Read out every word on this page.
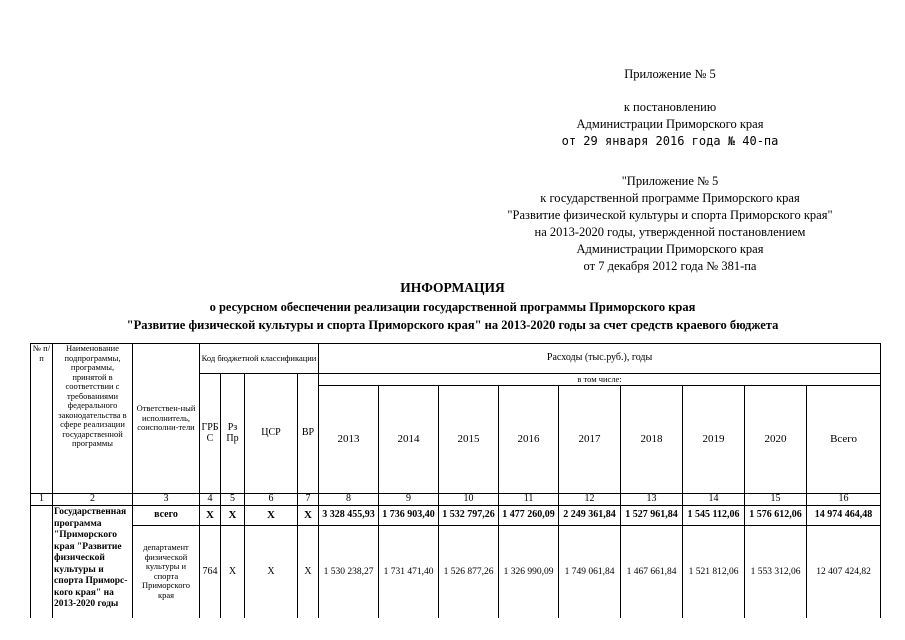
Приложение № 5
к постановлению
Администрации Приморского края
от 29 января 2016 года № 40-па
"Приложение № 5
к государственной программе Приморского края
"Развитие физической культуры и спорта Приморского края"
на 2013-2020 годы, утвержденной постановлением
Администрации Приморского края
от 7 декабря 2012 года № 381-па
ИНФОРМАЦИЯ
о ресурсном обеспечении реализации государственной программы Приморского края
"Развитие физической культуры и спорта Приморского края" на 2013-2020 годы за счет средств краевого бюджета
№ п/п	Наименование подпрограммы, программы, принятой в соответствии с требованиями федерального законодательства в сфере реализации государственной программы	Ответствен-ный исполнитель, соисполни-тели	Код бюджетной классификации				Расходы (тыс.руб.), годы								
			ГРБ С	Рз Пр	ЦСР	ВР	в том числе:								
							2013	2014	2015	2016	2017	2018	2019	2020	Всего
1	2	3	4	5	6	7	8	9	10	11	12	13	14	15	16
	Государственная программа "Приморского края "Развитие физической культуры и спорта Приморс-кого края" на 2013-2020 годы	всего	Х	Х	Х	Х	3 328 455,93	1 736 903,40	1 532 797,26	1 477 260,09	2 249 361,84	1 527 961,84	1 545 112,06	1 576 612,06	14 974 464,48
		департамент физической культуры и спорта Приморского края	764	Х	Х	Х	1 530 238,27	1 731 471,40	1 526 877,26	1 326 990,09	1 749 061,84	1 467 661,84	1 521 812,06	1 553 312,06	12 407 424,82
